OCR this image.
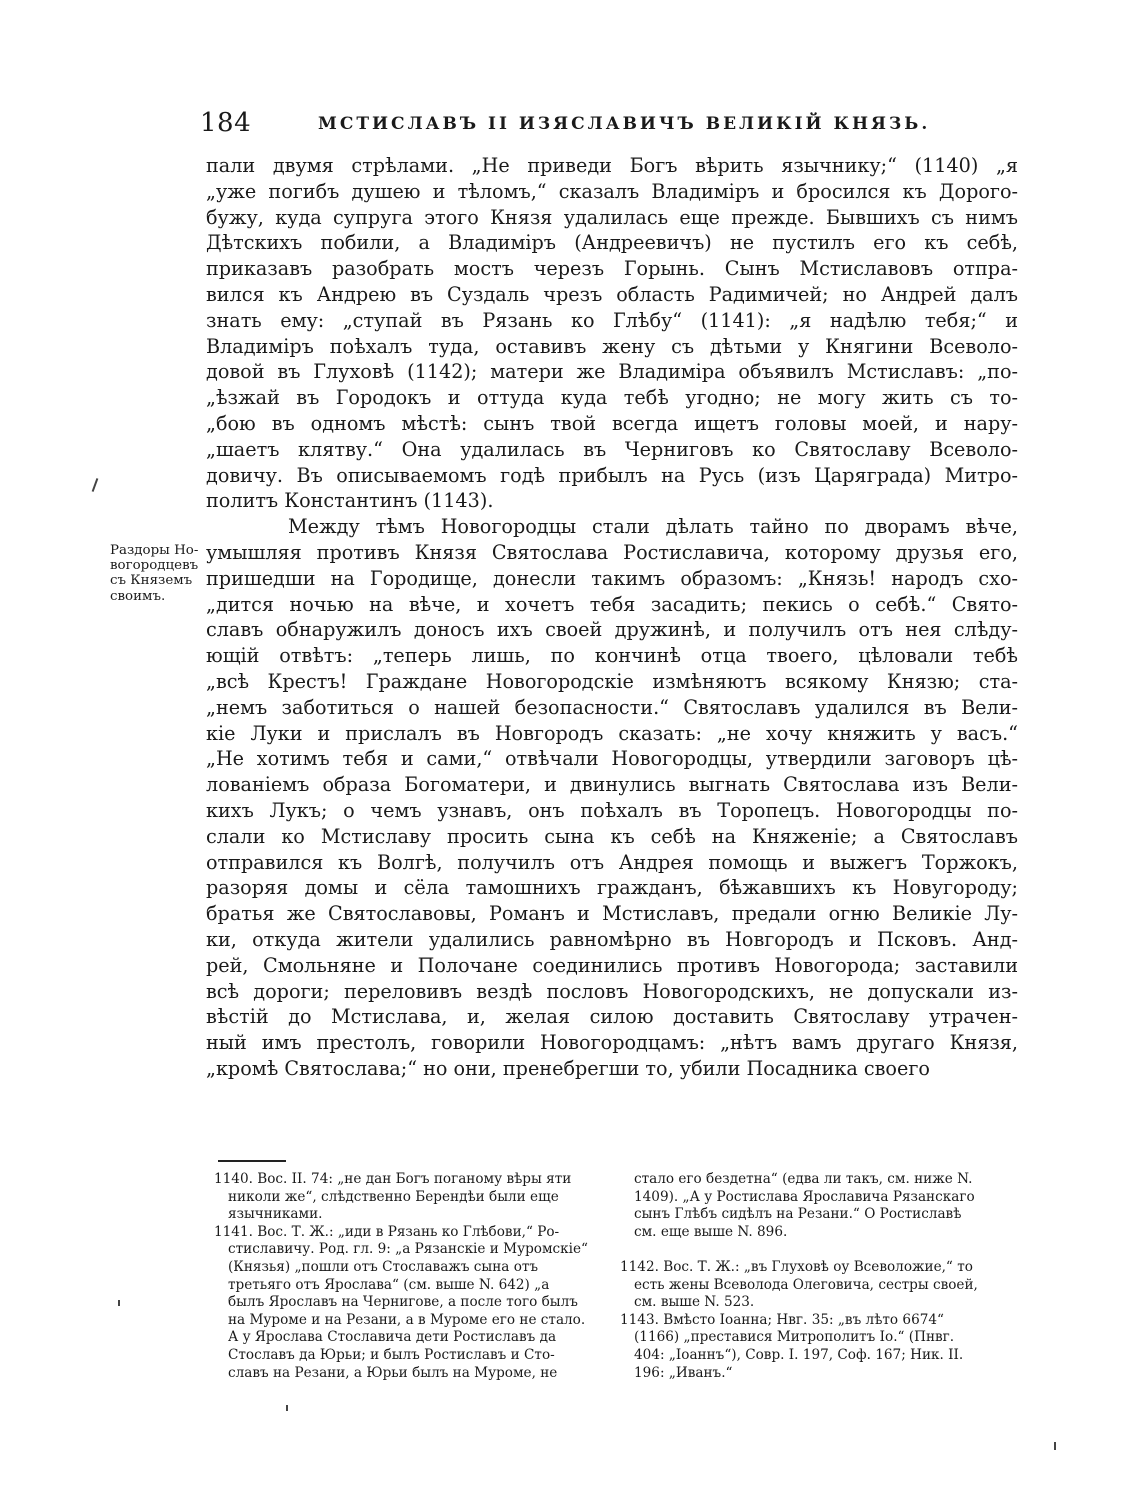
184	МСТИСЛАВЪ II ИЗЯСЛАВИЧЪ ВЕЛИКІЙ КНЯЗЬ.
пали двумя стрѣлами. „Не приведи Богъ вѣрить язычнику;“ (1140) „я
„уже погибъ душею и тѣломъ,“ сказалъ Владиміръ и бросился къ Дорого-
бужу, куда супруга этого Князя удалилась еще прежде. Бывшихъ съ нимъ
Дѣтскихъ побили, а Владиміръ (Андреевичъ) не пустилъ его къ себѣ,
приказавъ разобрать мостъ черезъ Горынь. Сынъ Мстиславовъ отпра-
вился къ Андрею въ Суздаль чрезъ область Радимичей; но Андрей далъ
знать ему: „ступай въ Рязань ко Глѣбу“ (1141): „я надѣлю тебя;“ и
Владиміръ поѣхалъ туда, оставивъ жену съ дѣтьми у Княгини Всеволо-
довой въ Глуховѣ (1142); матери же Владиміра объявилъ Мстиславъ: „по-
„ѣзжай въ Городокъ и оттуда куда тебѣ угодно; не могу жить съ то-
„бою въ одномъ мѣстѣ: сынъ твой всегда ищетъ головы моей, и нару-
„шаетъ клятву.“ Она удалилась въ Черниговъ ко Святославу Всеволо-
довичу. Въ описываемомъ годѣ прибылъ на Русь (изъ Царяграда) Митро-
политъ Константинъ (1143).
Между тѣмъ Новогородцы стали дѣлать тайно по дворамъ вѣче,
умышляя противъ Князя Святослава Ростиславича, которому друзья его,
пришедши на Городище, донесли такимъ образомъ: „Князь! народъ схо-
„дится ночью на вѣче, и хочетъ тебя засадить; пекись о себѣ.“ Свято-
славъ обнаружилъ доносъ ихъ своей дружинѣ, и получилъ отъ нея слѣду-
ющій отвѣтъ: „теперь лишь, по кончинѣ отца твоего, цѣловали тебѣ
„всѣ Крестъ! Граждане Новогородскіе измѣняютъ всякому Князю; ста-
„немъ заботиться о нашей безопасности.“ Святославъ удалился въ Вели-
кіе Луки и прислалъ въ Новгородъ сказать: „не хочу княжить у васъ.“
„Не хотимъ тебя и сами,“ отвѣчали Новогородцы, утвердили заговоръ цѣ-
лованіемъ образа Богоматери, и двинулись выгнать Святослава изъ Вели-
кихъ Лукъ; о чемъ узнавъ, онъ поѣхалъ въ Торопецъ. Новогородцы по-
слали ко Мстиславу просить сына къ себѣ на Княженіе; а Святославъ
отправился къ Волгѣ, получилъ отъ Андрея помощь и выжегъ Торжокъ,
разоряя домы и сёла тамошнихъ гражданъ, бѣжавшихъ къ Новугороду;
братья же Святославовы, Романъ и Мстиславъ, предали огню Великіе Лу-
ки, откуда жители удалились равномѣрно въ Новгородъ и Псковъ. Анд-
рей, Смольняне и Полочане соединились противъ Новогорода; заставили
всѣ дороги; переловивъ вездѣ пословъ Новогородскихъ, не допускали из-
вѣстій до Мстислава, и, желая силою доставить Святославу утрачен-
ный имъ престолъ, говорили Новогородцамъ: „нѣтъ вамъ другаго Князя,
„кромѣ Святослава;“ но они, пренебрегши то, убили Посадника своего
Раздоры Но-
вогородцевъ
съ Княземъ
своимъ.
1140. Вос. II. 74: „не дан Богъ поганому вѣры яти
николи же“, слѣдственно Берендѣи были еще
язычниками.
1141. Вос. Т. Ж.: „иди в Рязань ко Глѣбови,“ Ро-
стиславичу. Род. гл. 9: „а Рязанскіе и Муромскіе“
(Князья) „пошли отъ Стославажъ сына отъ
третьяго отъ Ярослава“ (см. выше N. 642) „а
былъ Ярославъ на Чернигове, а после того былъ
на Муроме и на Резани, а в Муроме его не стало.
А у Ярослава Стославича дети Ростиславъ да
Стославъ да Юрьи; и былъ Ростиславъ и Сто-
славъ на Резани, а Юрьи былъ на Муроме, не
стало его бездетна“ (едва ли такъ, см. ниже N.
1409). „А у Ростислава Ярославича Рязанскаго
сынъ Глѣбъ сидѣлъ на Резани.“ О Ростиславѣ
см. еще выше N. 896.
1142. Вос. Т. Ж.: „въ Глуховѣ оу Всеволожие,“ то
есть жены Всеволода Олеговича, сестры своей,
см. выше N. 523.
1143. Вмѣсто Іоанна; Нвг. 35: „въ лѣто 6674“
(1166) „преставися Митрополитъ Іо.“ (Пнвг.
404: „Іоаннъ“), Совр. I. 197, Соф. 167; Ник. II.
196: „Иванъ.“
